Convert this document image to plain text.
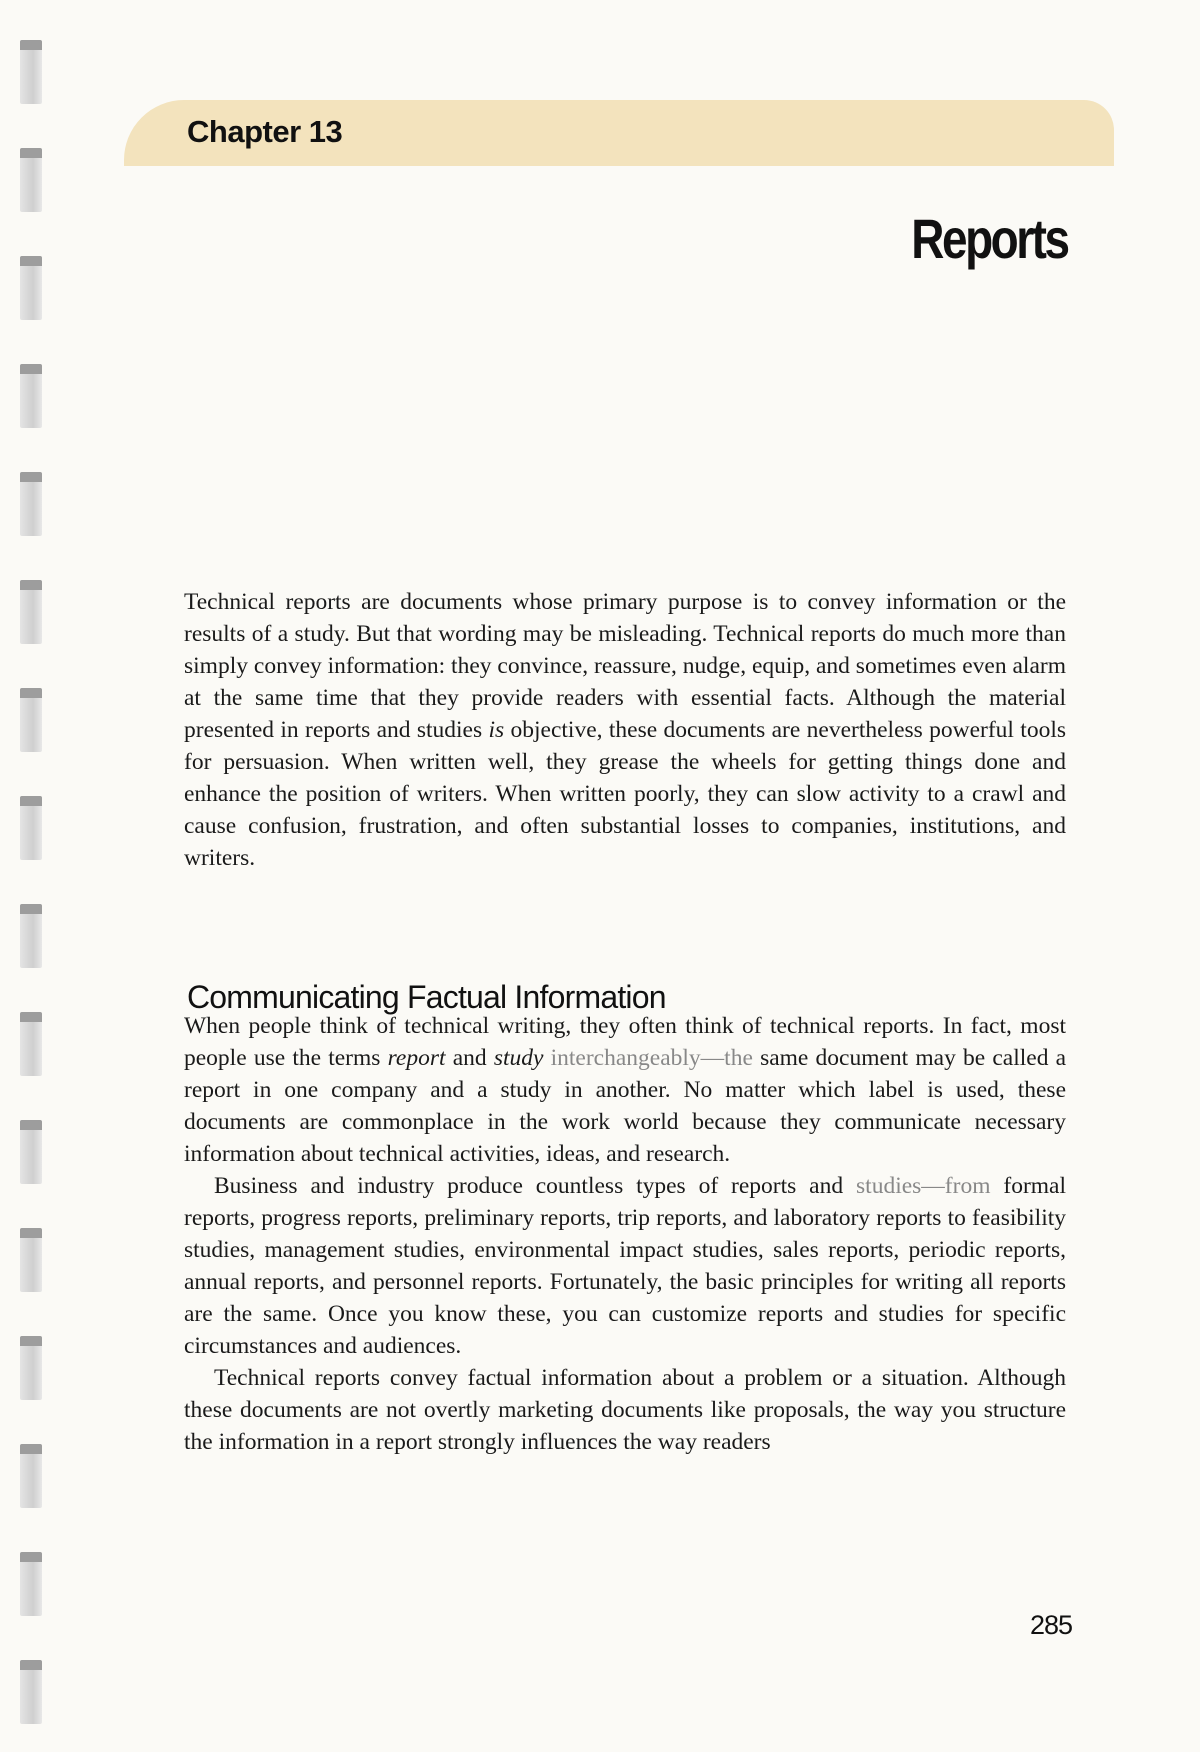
Chapter 13
Reports

Technical reports are documents whose primary purpose is to convey information or the results of a study. But that wording may be misleading. Technical reports do much more than simply convey information: they convince, reassure, nudge, equip, and sometimes even alarm at the same time that they provide readers with essential facts. Although the material presented in reports and studies is objective, these documents are nevertheless powerful tools for persuasion. When written well, they grease the wheels for getting things done and enhance the position of writers. When written poorly, they can slow activity to a crawl and cause confusion, frustration, and often substantial losses to companies, institutions, and writers.

Communicating Factual Information

When people think of technical writing, they often think of technical reports. In fact, most people use the terms report and study interchangeably—the same document may be called a report in one company and a study in another. No matter which label is used, these documents are commonplace in the work world because they communicate necessary information about technical activities, ideas, and research.

Business and industry produce countless types of reports and studies—from formal reports, progress reports, preliminary reports, trip reports, and laboratory reports to feasibility studies, management studies, environmental impact studies, sales reports, periodic reports, annual reports, and personnel reports. Fortunately, the basic principles for writing all reports are the same. Once you know these, you can customize reports and studies for specific circumstances and audiences.

Technical reports convey factual information about a problem or a situation. Although these documents are not overtly marketing documents like proposals, the way you structure the information in a report strongly influences the way readers

285
